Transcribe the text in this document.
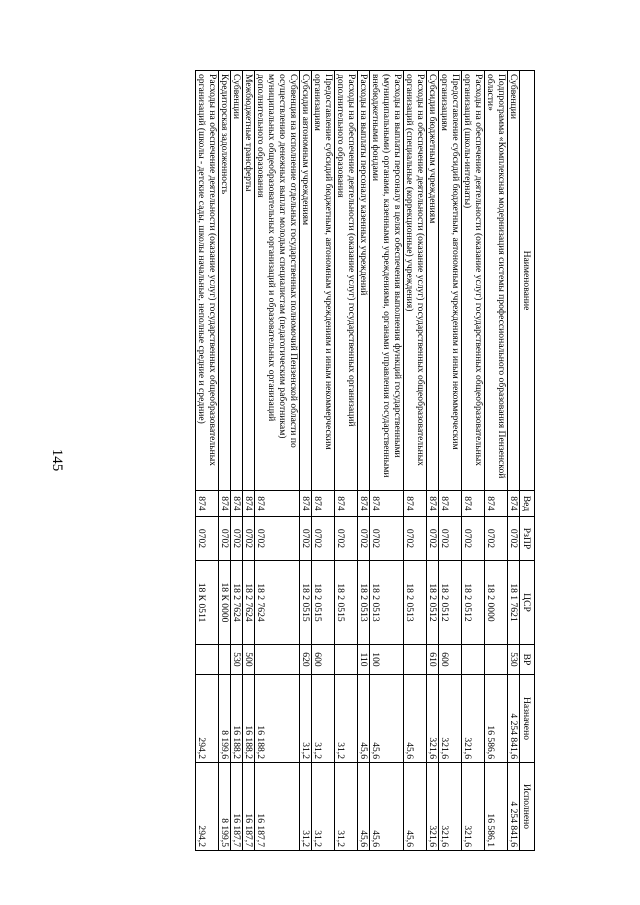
145
Наименование	Вед	РзПР	ЦСР	ВР	Назначено	Исполнено
Субвенции	874	0702	18 1 7621	530	4 254 841,6	4 254 841,6
Подпрограмма «Комплексная модернизация системы профессионального образования Пензенской области»	874	0702	18 2 0000		16 586,6	16 586,1
Расходы на обеспечение деятельности (оказание услуг) государственных общеобразовательных организаций (школы-интернаты)	874	0702	18 2 0512		321,6	321,6
Предоставление субсидий бюджетным, автономным учреждениям и иным некоммерческим организациям	874	0702	18 2 0512	600	321,6	321,6
Субсидии бюджетным учреждениям	874	0702	18 2 0512	610	321,6	321,6
Расходы на обеспечение деятельности (оказание услуг) государственных общеобразовательных организаций (специальные (коррекционные) учреждения)	874	0702	18 2 0513		45,6	45,6
Расходы на выплаты персоналу в целях обеспечения выполнения функций государственными (муниципальными) органами, казенными учреждениями, органами управления государственными внебюджетными фондами	874	0702	18 2 0513	100	45,6	45,6
Расходы на выплаты персоналу казенных учреждений	874	0702	18 2 0513	110	45,6	45,6
Расходы на обеспечение деятельности (оказание услуг) государственных организаций дополнительного образования	874	0702	18 2 0515		31,2	31,2
Предоставление субсидий бюджетным, автономным учреждениям и иным некоммерческим организациям	874	0702	18 2 0515	600	31,2	31,2
Субсидии автономным учреждениям	874	0702	18 2 0515	620	31,2	31,2
Субвенция на исполнение отдельных государственных полномочий Пензенской области по осуществлению денежных выплат молодым специалистам (педагогическим работникам) муниципальных общеобразовательных организаций и образовательных организаций дополнительного образования	874	0702	18 2 7624		16 188,2	16 187,7
Межбюджетные трансферты	874	0702	18 2 7624	500	16 188,2	16 187,7
Субвенции	874	0702	18 2 7624	530	16 188,2	16 187,7
Кредиторская задолженность	874	0702	18 К 0000		8 199,6	8 199,5
Расходы на обеспечение деятельности (оказание услуг) государственных общеобразовательных организаций (школы - детские сады, школы начальные, неполные средние и средние)	874	0702	18 К 0511		294,2	294,2
